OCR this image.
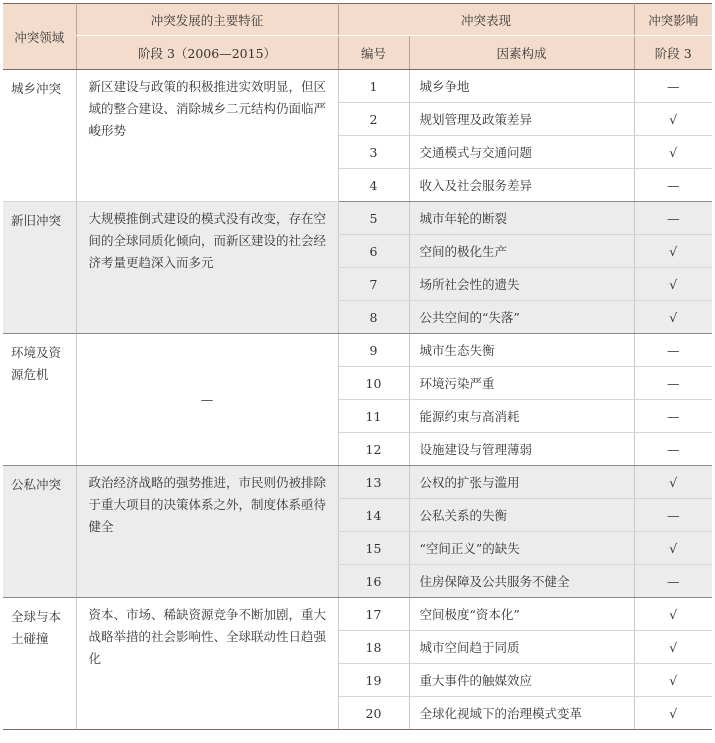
冲突领域	冲突发展的主要特征	冲突表现		冲突影响
	阶段 3（2006—2015）	编号	因素构成	阶段 3
城乡冲突	新区建设与政策的积极推进实效明显，但区域的整合建设、消除城乡二元结构仍面临严峻形势	1	城乡争地	—
		2	规划管理及政策差异	√
		3	交通模式与交通问题	√
		4	收入及社会服务差异	—
新旧冲突	大规模推倒式建设的模式没有改变，存在空间的全球同质化倾向，而新区建设的社会经济考量更趋深入而多元	5	城市年轮的断裂	—
		6	空间的极化生产	√
		7	场所社会性的遗失	√
		8	公共空间的“失落”	√
环境及资源危机	—	9	城市生态失衡	—
		10	环境污染严重	—
		11	能源约束与高消耗	—
		12	设施建设与管理薄弱	—
公私冲突	政治经济战略的强势推进，市民则仍被排除于重大项目的决策体系之外，制度体系亟待健全	13	公权的扩张与滥用	√
		14	公私关系的失衡	—
		15	“空间正义”的缺失	√
		16	住房保障及公共服务不健全	—
全球与本土碰撞	资本、市场、稀缺资源竞争不断加剧，重大战略举措的社会影响性、全球联动性日趋强化	17	空间极度“资本化”	√
		18	城市空间趋于同质	√
		19	重大事件的触媒效应	√
		20	全球化视域下的治理模式变革	√
